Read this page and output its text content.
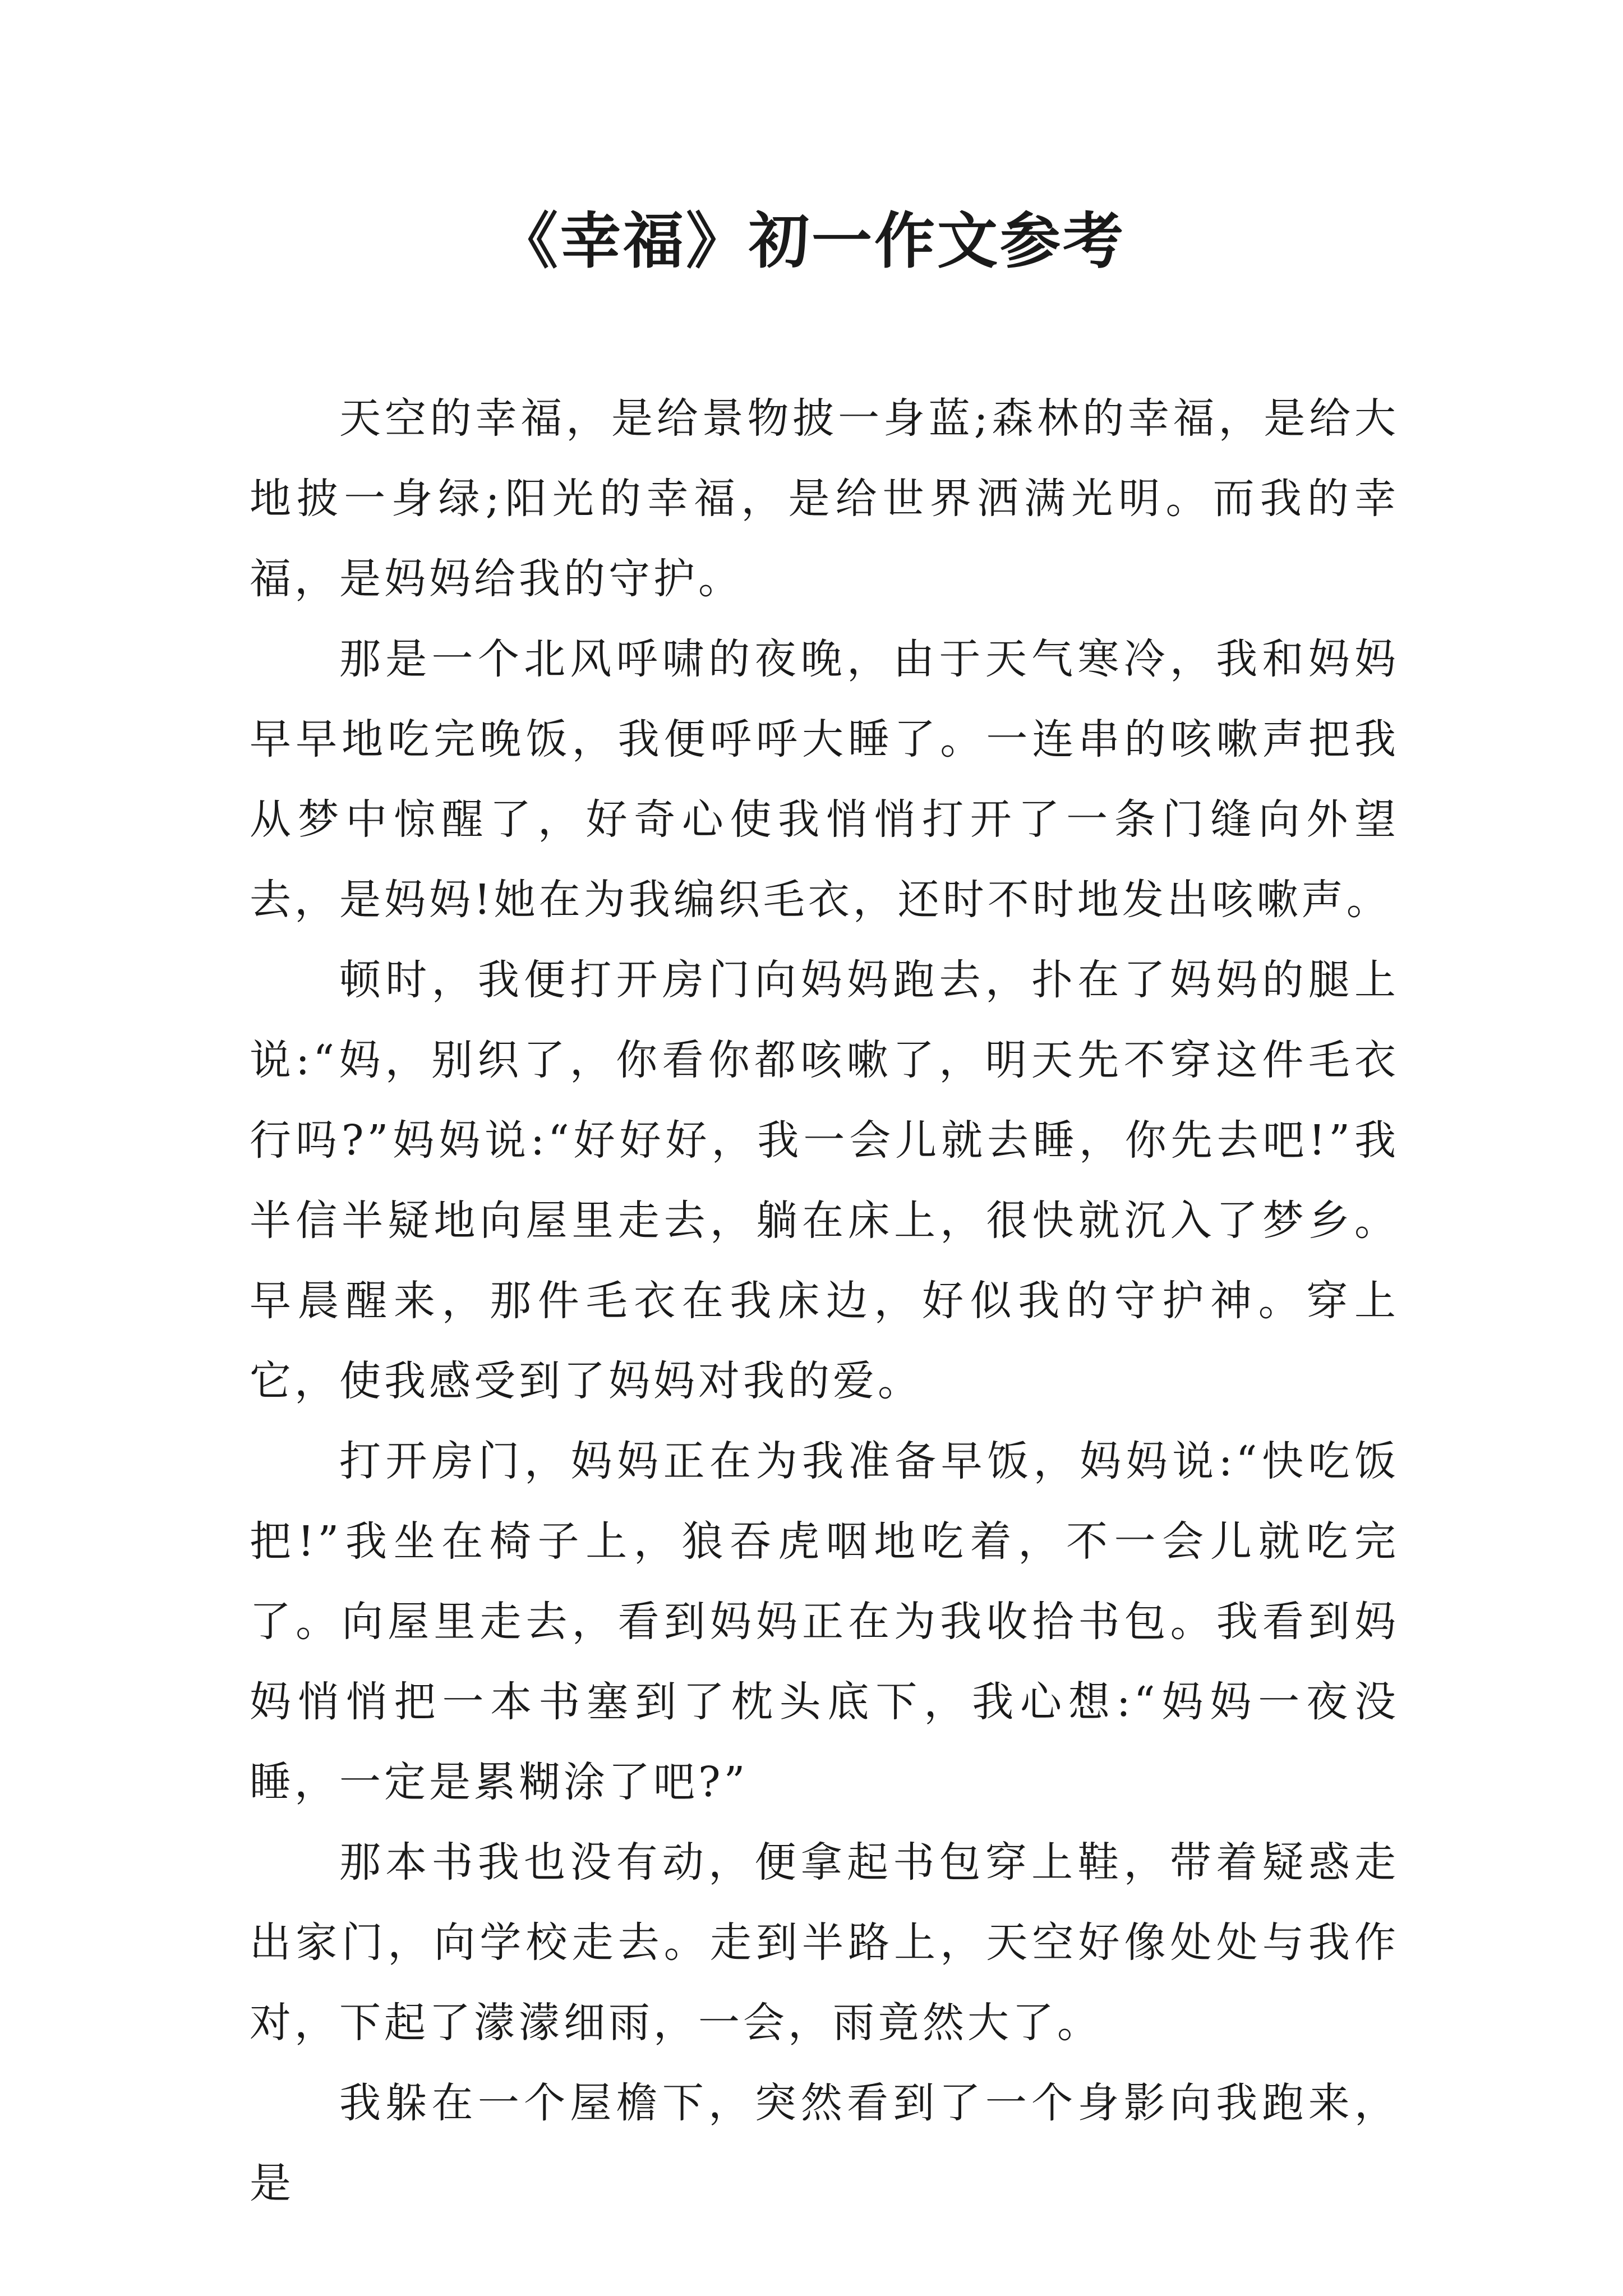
《幸福》初一作文参考

天空的幸福，是给景物披一身蓝;森林的幸福，是给大地披一身绿;阳光的幸福，是给世界洒满光明。而我的幸福，是妈妈给我的守护。

那是一个北风呼啸的夜晚，由于天气寒冷，我和妈妈早早地吃完晚饭，我便呼呼大睡了。一连串的咳嗽声把我从梦中惊醒了，好奇心使我悄悄打开了一条门缝向外望去，是妈妈!她在为我编织毛衣，还时不时地发出咳嗽声。

顿时，我便打开房门向妈妈跑去，扑在了妈妈的腿上说:“妈，别织了，你看你都咳嗽了，明天先不穿这件毛衣行吗?”妈妈说:“好好好，我一会儿就去睡，你先去吧!”我半信半疑地向屋里走去，躺在床上，很快就沉入了梦乡。早晨醒来，那件毛衣在我床边，好似我的守护神。穿上它，使我感受到了妈妈对我的爱。

打开房门，妈妈正在为我准备早饭，妈妈说:“快吃饭把!”我坐在椅子上，狼吞虎咽地吃着，不一会儿就吃完了。向屋里走去，看到妈妈正在为我收拾书包。我看到妈妈悄悄把一本书塞到了枕头底下，我心想:“妈妈一夜没睡，一定是累糊涂了吧?”

那本书我也没有动，便拿起书包穿上鞋，带着疑惑走出家门，向学校走去。走到半路上，天空好像处处与我作对，下起了濛濛细雨，一会，雨竟然大了。

我躲在一个屋檐下，突然看到了一个身影向我跑来，是
